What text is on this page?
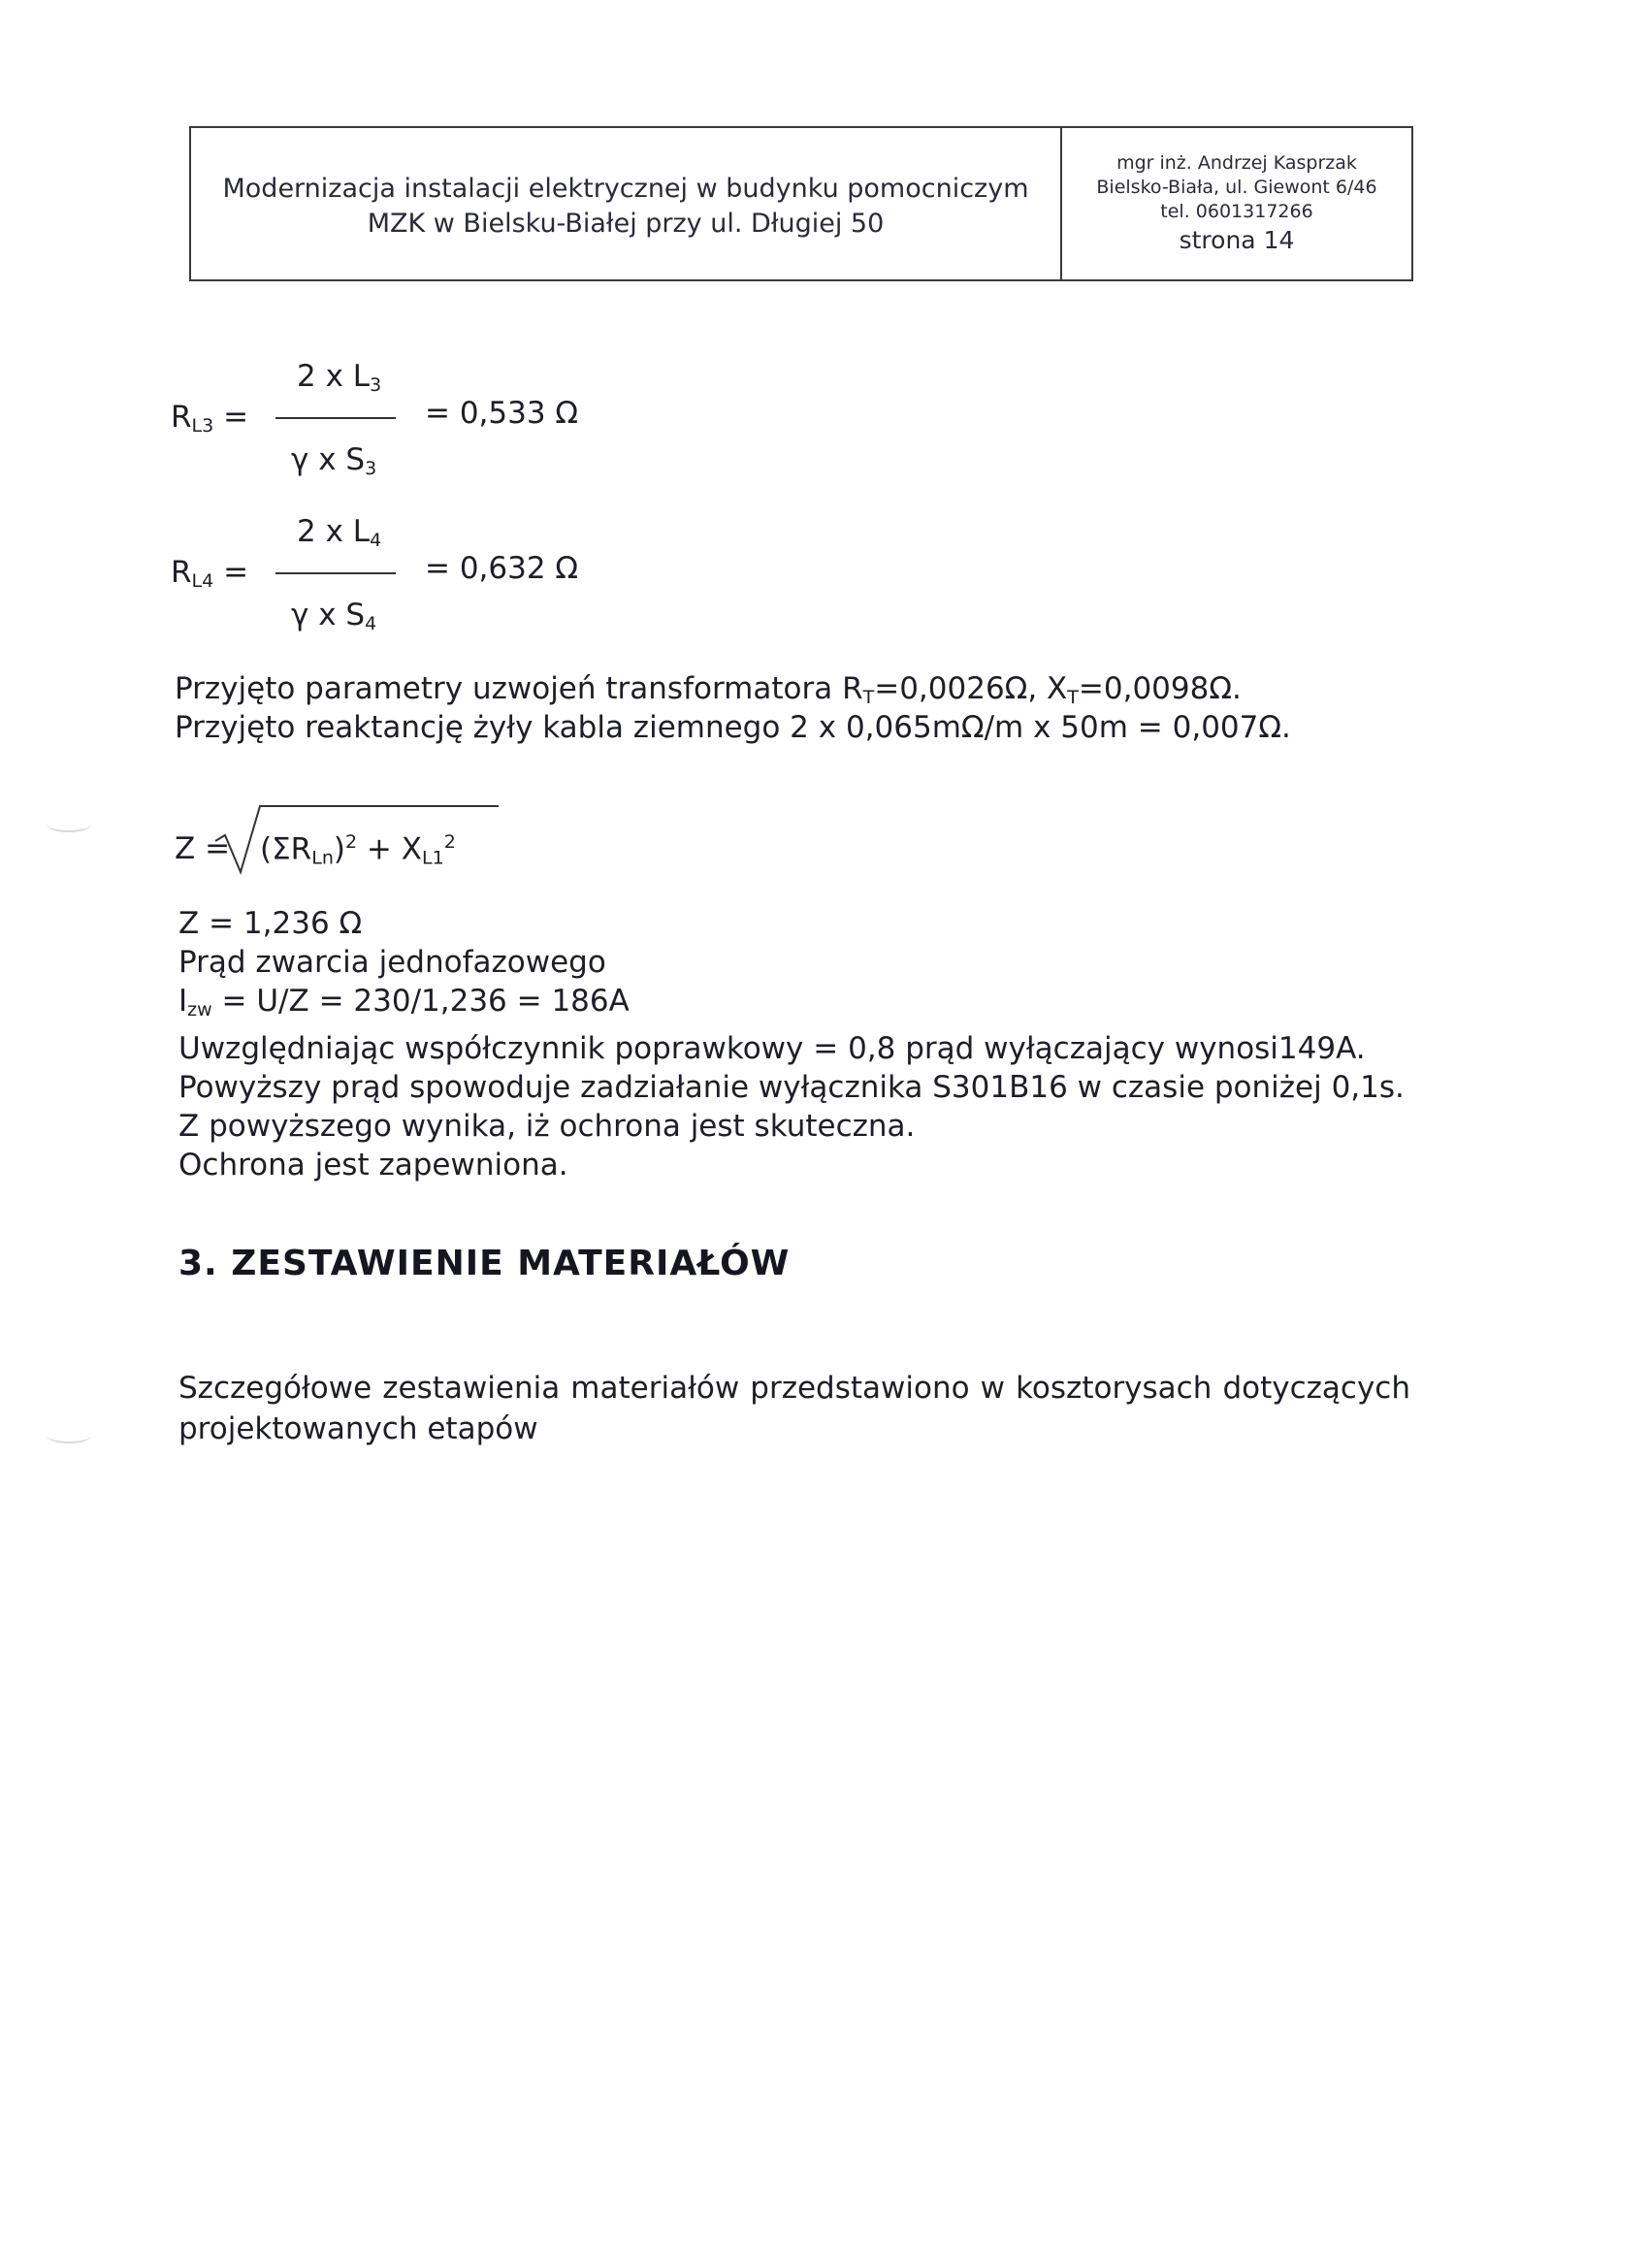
Modernizacja instalacji elektrycznej w budynku pomocniczym
MZK w Bielsku-Białej przy ul. Długiej 50
mgr inż. Andrzej Kasprzak
Bielsko-Biała, ul. Giewont 6/46
tel. 0601317266
strona 14
2 x $L_3$
$R_{L3}$ =	= 0,533 Ω
γ x $S_3$
2 x $L_4$
$R_{L4}$ =	= 0,632 Ω
γ x $S_4$
Przyjęto parametry uzwojeń transformatora $R_T=0,0026\Omega$, $X_T=0,0098\Omega$.
Przyjęto reaktancję żyły kabla ziemnego 2 x 0,065mΩ/m x 50m = 0,007Ω.
$Z = (\Sigma R_{Ln})^2 + X_{L1}^2$
Z = 1,236 Ω
Prąd zwarcia jednofazowego
$I_{zw} = U/Z = 230/1,236 = 186A$
Uwzględniając współczynnik poprawkowy = 0,8 prąd wyłączający wynosi149A.
Powyższy prąd spowoduje zadziałanie wyłącznika S301B16 w czasie poniżej 0,1s.
Z powyższego wynika, iż ochrona jest skuteczna.
Ochrona jest zapewniona.
3. ZESTAWIENIE MATERIAŁÓW
Szczegółowe zestawienia materiałów przedstawiono w kosztorysach dotyczących projektowanych etapów
